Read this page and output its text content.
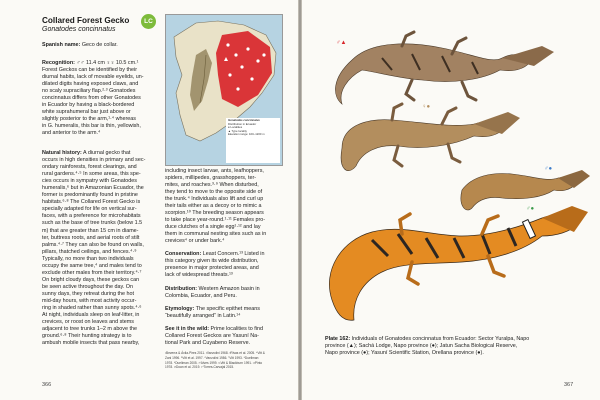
Collared Forest Gecko
Gonatodes concinnatus
LC
Spanish name: Geco de collar.
Recognition: ♂♂ 11.4 cm ♀♀ 10.5 cm.¹
Forest Geckos can be identified by their
diurnal habits, lack of movable eyelids, un-
dilated digits having exposed claws, and
no scaly supraciliary flap.²·³ Gonatodes
concinnatus differs from other Gonatodes
in Ecuador by having a black-bordered
white suprahumeral bar just above or
slightly posterior to the arm,¹·⁴ whereas
in G. humeralis, this bar is thin, yellowish,
and anterior to the arm.⁴
Natural history: A diurnal gecko that
occurs in high densities in primary and sec-
ondary rainforests, forest clearings, and
rural gardens.⁴·⁵ In some areas, this spe-
cies occurs in sympatry with Gonatodes
humeralis,⁶ but in Amazonian Ecuador, the
former is predominantly found in pristine
habitats.⁶·⁸ The Collared Forest Gecko is
specially adapted for life on vertical sur-
faces, with a preference for microhabitats
such as the base of tree trunks (below 1.5
m) that are greater than 15 cm in diame-
ter, buttress roots, and aerial roots of stilt
palms.⁴·⁷ They can also be found on walls,
pillars, thatched ceilings, and fences.⁴·⁹
Typically, no more than two individuals
occupy the same tree,⁴ and males tend to
exclude other males from their territory.⁴·⁷
On bright cloudy days, these geckos can
be seen active throughout the day. On
sunny days, they retreat during the hot
mid-day hours, with most activity occur-
ring in shaded rather than sunny spots.⁴·⁶
At night, individuals sleep on leaf-litter, in
crevices, or roost on leaves and stems
adjacent to tree trunks 1–2 m above the
ground.⁶·⁸ Their hunting strategy is to
ambush mobile insects that pass nearby,
Gonatodes concinnatus
Distribution in Ecuador
● Localities
▲ Type locality
Elevation range: 100–1200 m
including insect larvae, ants, leafhoppers,
spiders, millipedes, grasshoppers, ter-
mites, and roaches.³·⁹ When disturbed,
they tend to move to the opposite side of
the trunk.⁴ Individuals also lift and curl up
their tails either as a decoy or to mimic a
scorpion.¹⁰ The breeding season appears
to take place year-round.¹·¹¹ Females pro-
duce clutches of a single egg¹·¹² and lay
them in communal nesting sites such as in
crevices⁴ or under bark.⁴
Conservation: Least Concern.¹³ Listed in
this category given its wide distribution,
presence in major protected areas, and
lack of widespread threats.¹³
Distribution: Western Amazon basin in
Colombia, Ecuador, and Peru.
Etymology: The specific epithet means
“beautifully arranged” in Latin.¹⁴
See it in the wild: Prime localities to find
Collared Forest Geckos are Yasuní Na-
tional Park and Cuyabeno Reserve.
¹Bezerra & Ávila-Pires 2011. ²Vanzolini 1968. ³Rivas et al. 2005. ⁴Vitt &
Zani 1996. ⁵Vitt et al. 1997. ⁶Vanzolini 1986. ⁷Vitt 1993. ⁸Duellman
1978. ⁹Duellman 2005. ¹⁰Alves 1999. ¹¹Vitt & Blackburn 1991. ¹²Pinto
1978. ¹³Doan et al. 2019. ¹⁴Torres-Carvajal 2015.
366
♂▲
♀●
♂●
♂●
Plate 162: Individuals of Gonatodes concinnatus from Ecuador: Sector Yuralpa, Napo
province (▲); Sachá Lodge, Napo province (●); Jatun Sacha Biological Reserve,
Napo province (●); Yasuní Scientific Station, Orellana province (●).
367
